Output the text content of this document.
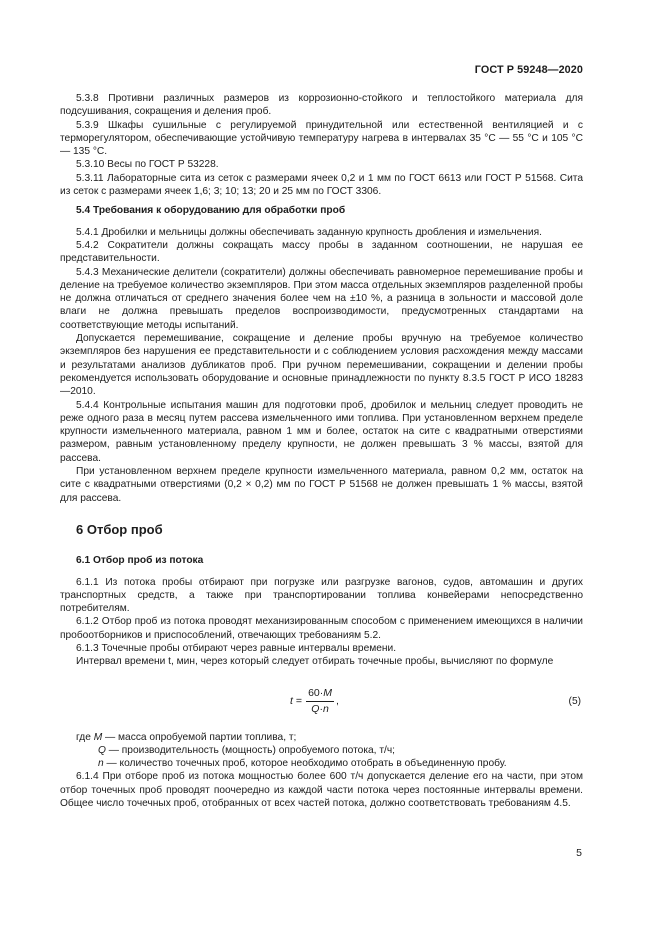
ГОСТ Р 59248—2020

5.3.8 Противни различных размеров из коррозионно-стойкого и теплостойкого материала для подсушивания, сокращения и деления проб.

5.3.9 Шкафы сушильные с регулируемой принудительной или естественной вентиляцией и с терморегулятором, обеспечивающие устойчивую температуру нагрева в интервалах 35 °С — 55 °С и 105 °С — 135 °С.

5.3.10 Весы по ГОСТ Р 53228.

5.3.11 Лабораторные сита из сеток с размерами ячеек 0,2 и 1 мм по ГОСТ 6613 или ГОСТ Р 51568. Сита из сеток с размерами ячеек 1,6; 3; 10; 13; 20 и 25 мм по ГОСТ 3306.

5.4 Требования к оборудованию для обработки проб

5.4.1 Дробилки и мельницы должны обеспечивать заданную крупность дробления и измельчения.

5.4.2 Сократители должны сокращать массу пробы в заданном соотношении, не нарушая ее представительности.

5.4.3 Механические делители (сократители) должны обеспечивать равномерное перемешивание пробы и деление на требуемое количество экземпляров. При этом масса отдельных экземпляров разделенной пробы не должна отличаться от среднего значения более чем на ±10 %, а разница в зольности и массовой доле влаги не должна превышать пределов воспроизводимости, предусмотренных стандартами на соответствующие методы испытаний.

Допускается перемешивание, сокращение и деление пробы вручную на требуемое количество экземпляров без нарушения ее представительности и с соблюдением условия расхождения между массами и результатами анализов дубликатов проб. При ручном перемешивании, сокращении и делении пробы рекомендуется использовать оборудование и основные принадлежности по пункту 8.3.5 ГОСТ Р ИСО 18283—2010.

5.4.4 Контрольные испытания машин для подготовки проб, дробилок и мельниц следует проводить не реже одного раза в месяц путем рассева измельченного ими топлива. При установленном верхнем пределе крупности измельченного материала, равном 1 мм и более, остаток на сите с квадратными отверстиями размером, равным установленному пределу крупности, не должен превышать 3 % массы, взятой для рассева.

При установленном верхнем пределе крупности измельченного материала, равном 0,2 мм, остаток на сите с квадратными отверстиями (0,2 × 0,2) мм по ГОСТ Р 51568 не должен превышать 1 % массы, взятой для рассева.

6 Отбор проб
6.1 Отбор проб из потока

6.1.1 Из потока пробы отбирают при погрузке или разгрузке вагонов, судов, автомашин и других транспортных средств, а также при транспортировании топлива конвейерами непосредственно потребителям.

6.1.2 Отбор проб из потока проводят механизированным способом с применением имеющихся в наличии пробоотборников и приспособлений, отвечающих требованиям 5.2.

6.1.3 Точечные пробы отбирают через равные интервалы времени.

Интервал времени t, мин, через который следует отбирать точечные пробы, вычисляют по формуле

$t = \frac{60\cdot M}{Q\cdot n}$ ,	(5)

где M — масса опробуемой партии топлива, т;

Q — производительность (мощность) опробуемого потока, т/ч;

n — количество точечных проб, которое необходимо отобрать в объединенную пробу.

6.1.4 При отборе проб из потока мощностью более 600 т/ч допускается деление его на части, при этом отбор точечных проб проводят поочередно из каждой части потока через постоянные интервалы времени. Общее число точечных проб, отобранных от всех частей потока, должно соответствовать требованиям 4.5.

5
